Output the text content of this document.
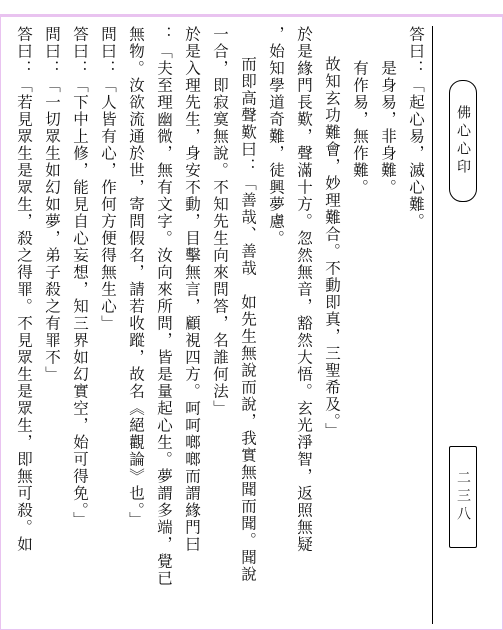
答曰：「起心易，滅心難。
　　是身易，非身難。
　　有作易，無作難。
故知玄功難會，妙理難合。不動即真，三聖希及。」
於是緣門長歎，聲滿十方。忽然無音，豁然大悟。玄光淨智，返照無疑
，始知學道奇難，徒興夢慮。
而即高聲歎曰：「善哉、善哉　如先生無說而說，我實無聞而聞。聞說
一合，即寂寞無說。不知先生向來問答，名誰何法」
於是入理先生，身安不動，目擊無言，顧視四方。呵呵啷啷而謂緣門曰
：「夫至理幽微，無有文字。汝向來所問，皆是量起心生。夢謂多端，覺已
無物。汝欲流通於世，寄問假名，請若收蹤，故名《絕觀論》也。」
問曰：「人皆有心，作何方便得無生心」
答曰：「下中上修，能見自心妄想，知三界如幻實空，始可得免。」
問曰：「一切眾生如幻如夢，弟子殺之有罪不」
答曰：「若見眾生是眾生，殺之得罪。不見眾生是眾生，即無可殺。如	佛心心印
二三八
